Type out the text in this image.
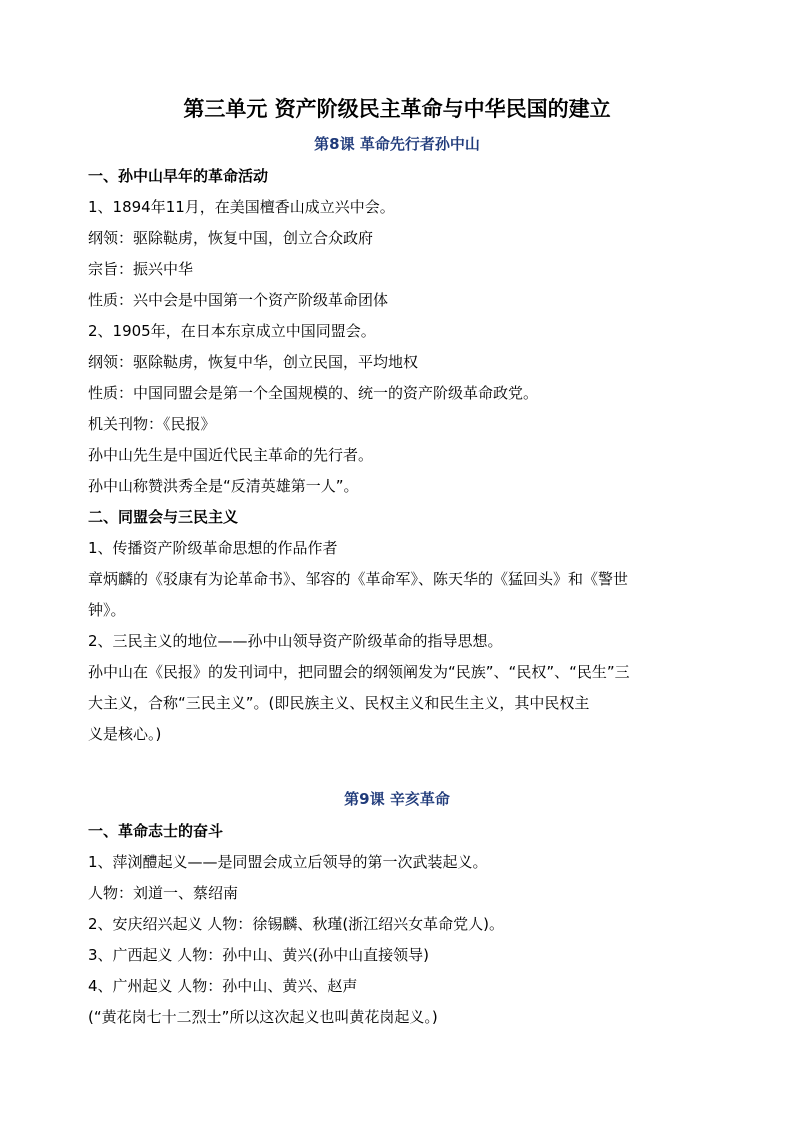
第三单元 资产阶级民主革命与中华民国的建立
第8课 革命先行者孙中山
一、孙中山早年的革命活动
1、1894年11月，在美国檀香山成立兴中会。
纲领：驱除鞑虏，恢复中国，创立合众政府
宗旨：振兴中华
性质：兴中会是中国第一个资产阶级革命团体
2、1905年，在日本东京成立中国同盟会。
纲领：驱除鞑虏，恢复中华，创立民国，平均地权
性质：中国同盟会是第一个全国规模的、统一的资产阶级革命政党。
机关刊物：《民报》
孙中山先生是中国近代民主革命的先行者。
孙中山称赞洪秀全是“反清英雄第一人”。
二、同盟会与三民主义
1、传播资产阶级革命思想的作品作者
章炳麟的《驳康有为论革命书》、邹容的《革命军》、陈天华的《猛回头》和《警世
钟》。
2、三民主义的地位——孙中山领导资产阶级革命的指导思想。
孙中山在《民报》的发刊词中，把同盟会的纲领阐发为“民族”、“民权”、“民生”三
大主义，合称“三民主义”。(即民族主义、民权主义和民生主义，其中民权主
义是核心。)
第9课 辛亥革命
一、革命志士的奋斗
1、萍浏醴起义——是同盟会成立后领导的第一次武装起义。
人物：刘道一、蔡绍南
2、安庆绍兴起义 人物：徐锡麟、秋瑾(浙江绍兴女革命党人)。
3、广西起义 人物：孙中山、黄兴(孙中山直接领导)
4、广州起义 人物：孙中山、黄兴、赵声
(“黄花岗七十二烈士”所以这次起义也叫黄花岗起义。)
